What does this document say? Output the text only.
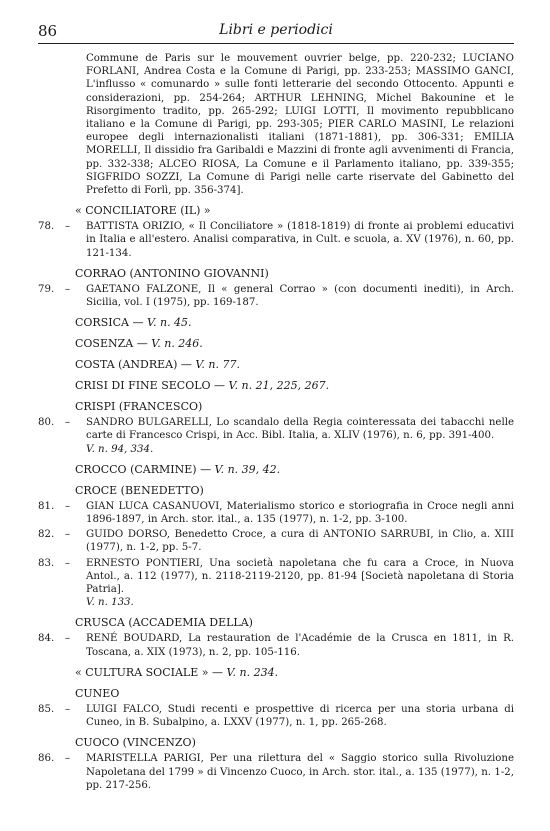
86	Libri e periodici
Commune de Paris sur le mouvement ouvrier belge, pp. 220-232; LUCIANO FORLANI, Andrea Costa e la Comune di Parigi, pp. 233-253; MASSIMO GANCI, L'influsso « comunardo » sulle fonti letterarie del secondo Ottocento. Appunti e considerazioni, pp. 254-264; ARTHUR LEHNING, Michel Bakounine et le Risorgimento tradito, pp. 265-292; LUIGI LOTTI, Il movimento repubblicano italiano e la Comune di Parigi, pp. 293-305; PIER CARLO MASINI, Le relazioni europee degli internazionalisti italiani (1871-1881), pp. 306-331; EMILIA MORELLI, Il dissidio fra Garibaldi e Mazzini di fronte agli avvenimenti di Francia, pp. 332-338; ALCEO RIOSA, La Comune e il Parlamento italiano, pp. 339-355; SIGFRIDO SOZZI, La Comune di Parigi nelle carte riservate del Gabinetto del Prefetto di Forlì, pp. 356-374].
« CONCILIATORE (IL) »
78. – BATTISTA ORIZIO, « Il Conciliatore » (1818-1819) di fronte ai problemi educativi in Italia e all'estero. Analisi comparativa, in Cult. e scuola, a. XV (1976), n. 60, pp. 121-134.
CORRAO (ANTONINO GIOVANNI)
79. – GAETANO FALZONE, Il « general Corrao » (con documenti inediti), in Arch. Sicilia, vol. I (1975), pp. 169-187.
CORSICA — V. n. 45.
COSENZA — V. n. 246.
COSTA (ANDREA) — V. n. 77.
CRISI DI FINE SECOLO — V. n. 21, 225, 267.
CRISPI (FRANCESCO)
80. – SANDRO BULGARELLI, Lo scandalo della Regia cointeressata dei tabacchi nelle carte di Francesco Crispi, in Acc. Bibl. Italia, a. XLIV (1976), n. 6, pp. 391-400.
V. n. 94, 334.
CROCCO (CARMINE) — V. n. 39, 42.
CROCE (BENEDETTO)
81. – GIAN LUCA CASANUOVI, Materialismo storico e storiografia in Croce negli anni 1896-1897, in Arch. stor. ital., a. 135 (1977), n. 1-2, pp. 3-100.
82. – GUIDO DORSO, Benedetto Croce, a cura di ANTONIO SARRUBI, in Clio, a. XIII (1977), n. 1-2, pp. 5-7.
83. – ERNESTO PONTIERI, Una società napoletana che fu cara a Croce, in Nuova Antol., a. 112 (1977), n. 2118-2119-2120, pp. 81-94 [Società napoletana di Storia Patria].
V. n. 133.
CRUSCA (ACCADEMIA DELLA)
84. – RENÉ BOUDARD, La restauration de l'Académie de la Crusca en 1811, in R. Toscana, a. XIX (1973), n. 2, pp. 105-116.
« CULTURA SOCIALE » — V. n. 234.
CUNEO
85. – LUIGI FALCO, Studi recenti e prospettive di ricerca per una storia urbana di Cuneo, in B. Subalpino, a. LXXV (1977), n. 1, pp. 265-268.
CUOCO (VINCENZO)
86. – MARISTELLA PARIGI, Per una rilettura del « Saggio storico sulla Rivoluzione Napoletana del 1799 » di Vincenzo Cuoco, in Arch. stor. ital., a. 135 (1977), n. 1-2, pp. 217-256.
